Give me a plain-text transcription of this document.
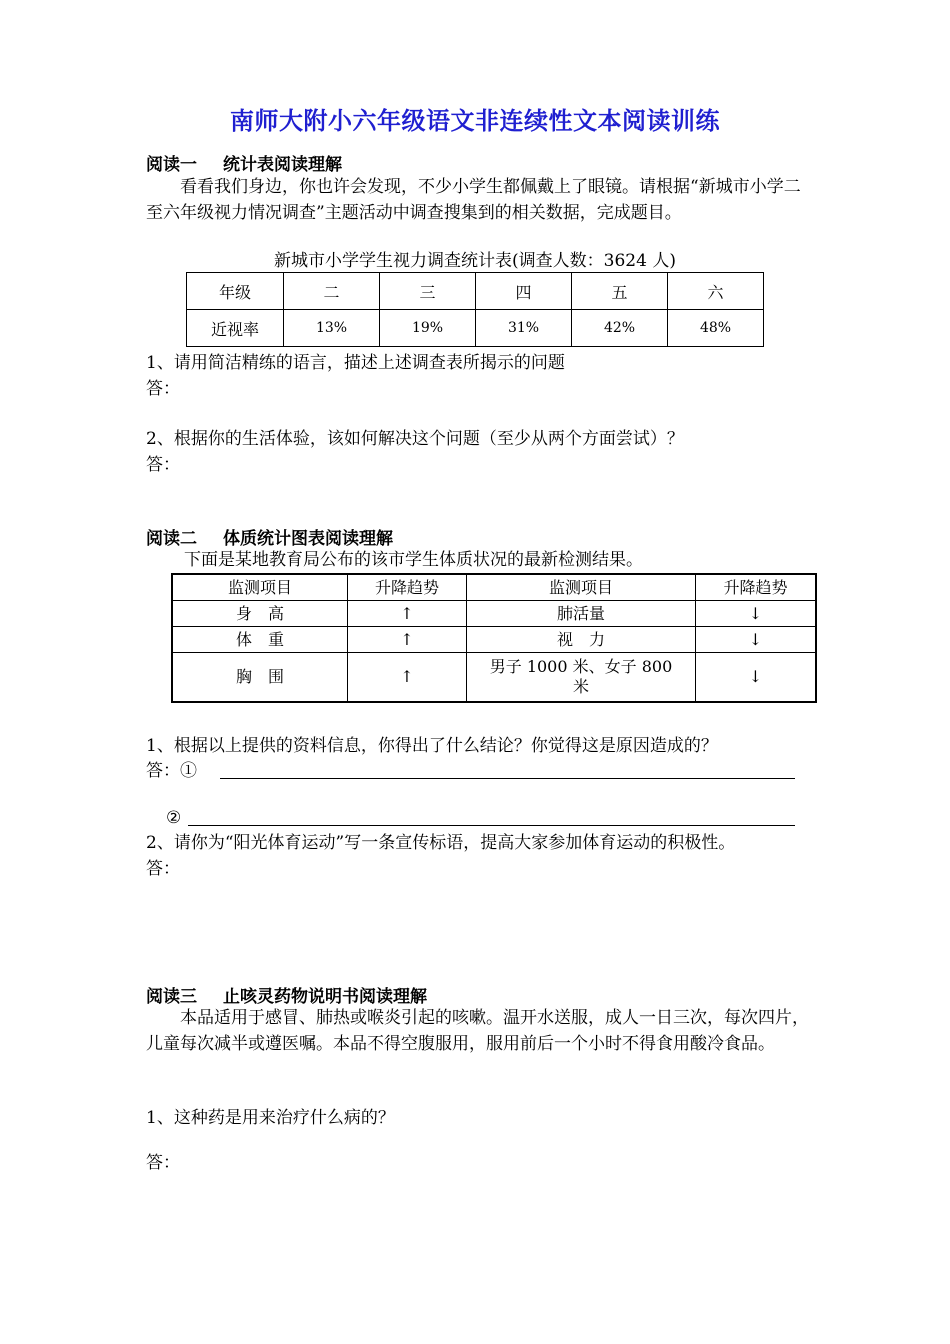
南师大附小六年级语文非连续性文本阅读训练
阅读一 统计表阅读理解
看看我们身边，你也许会发现，不少小学生都佩戴上了眼镜。请根据“新城市小学二至六年级视力情况调查”主题活动中调查搜集到的相关数据，完成题目。
新城市小学学生视力调查统计表(调查人数：3624 人)
年级	二	三	四	五	六
近视率	13%	19%	31%	42%	48%
1、请用简洁精练的语言，描述上述调查表所揭示的问题
答：
2、根据你的生活体验，该如何解决这个问题（至少从两个方面尝试）？
答：
阅读二 体质统计图表阅读理解
下面是某地教育局公布的该市学生体质状况的最新检测结果。
监测项目	升降趋势	监测项目	升降趋势
身　高	↑	肺活量	↓
体　重	↑	视　力	↓
胸　围	↑	男子 1000 米、女子 800 米	↓
1、根据以上提供的资料信息，你得出了什么结论？你觉得这是原因造成的？
答：①
②
2、请你为“阳光体育运动”写一条宣传标语，提高大家参加体育运动的积极性。
答：
阅读三 止咳灵药物说明书阅读理解
本品适用于感冒、肺热或喉炎引起的咳嗽。温开水送服，成人一日三次，每次四片，儿童每次减半或遵医嘱。本品不得空腹服用，服用前后一个小时不得食用酸冷食品。
1、这种药是用来治疗什么病的？
答：
